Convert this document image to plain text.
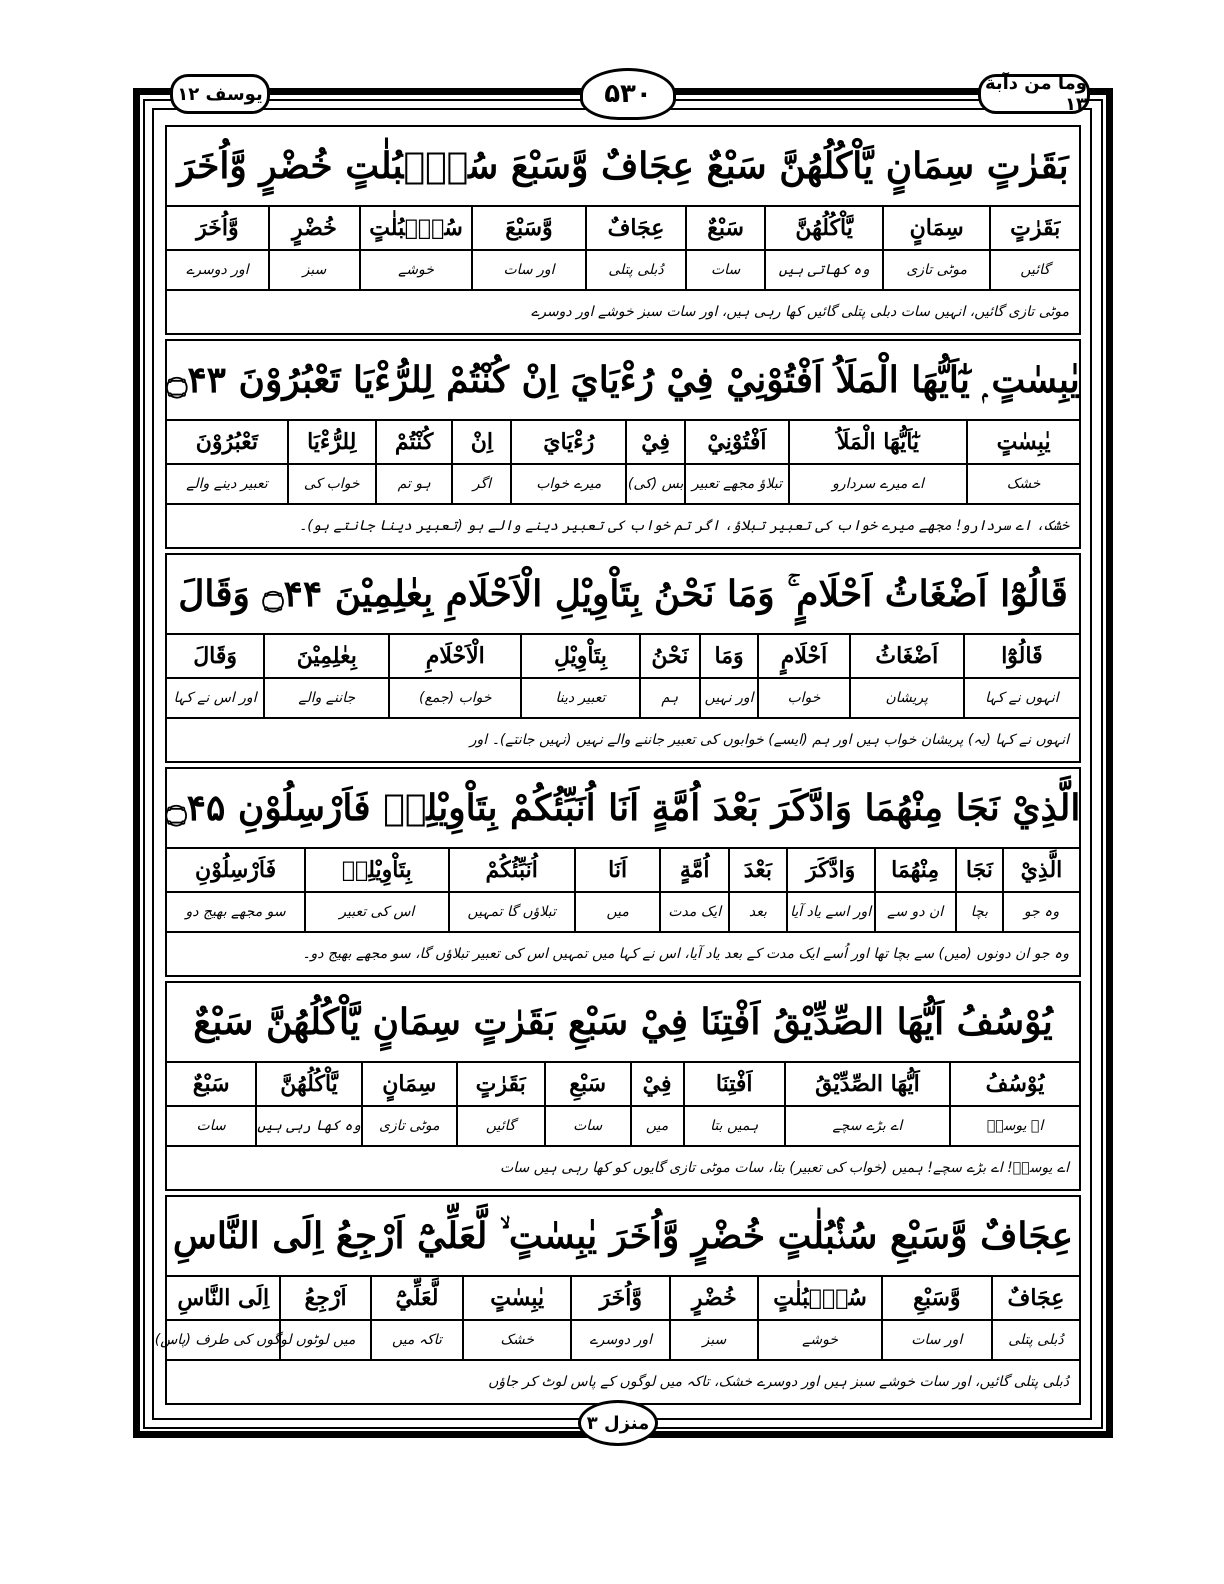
یوسف ۱۲	۵۳۰	وما من دآبة ۱۳
بَقَرٰتٍ سِمَانٍ يَّاْكُلُهُنَّ سَبْعٌ عِجَافٌ وَّسَبْعَ سُنْۢبُلٰتٍ خُضْرٍ وَّاُخَرَ
بَقَرٰتٍ
سِمَانٍ
يَّاْكُلُهُنَّ
سَبْعٌ
عِجَافٌ
وَّسَبْعَ
سُنْۢبُلٰتٍ
خُضْرٍ
وَّاُخَرَ
گائیں
موٹی تازی
وہ کھاتی ہیں
سات
دُبلی پتلی
اور سات
خوشے
سبز
اور دوسرے
موٹی تازی گائیں، انہیں سات دبلی پتلی گائیں کھا رہی ہیں، اور سات سبز خوشے اور دوسرے
يٰبِسٰتٍ ۭ يٰٓاَيُّهَا الْمَلَاُ اَفْتُوْنِيْ فِيْ رُءْيَايَ اِنْ كُنْتُمْ لِلرُّءْيَا تَعْبُرُوْنَ ۝۴۳
يٰبِسٰتٍ
يٰٓاَيُّهَا الْمَلَاُ
اَفْتُوْنِيْ
فِيْ
رُءْيَايَ
اِنْ
كُنْتُمْ
لِلرُّءْيَا
تَعْبُرُوْنَ
خشک
اے میرے سردارو
تبلاؤ مجھے تعبیر
بس (کی)
میرے خواب
اگر
ہو تم
خواب کی
تعبیر دینے والے
خشک، اے سردارو! مجھے میرے خواب کی تعبیر تبلاؤ، اگر تم خواب کی تعبیر دینے والے ہو (تعبیر دینا جانتے ہو)۔
قَالُوْٓا اَضْغَاثُ اَحْلَامٍ ۚ وَمَا نَحْنُ بِتَاْوِيْلِ الْاَحْلَامِ بِعٰلِمِيْنَ ۝۴۴ وَقَالَ
قَالُوْٓا
اَضْغَاثُ
اَحْلَامٍ
وَمَا
نَحْنُ
بِتَاْوِيْلِ
الْاَحْلَامِ
بِعٰلِمِيْنَ
وَقَالَ
انہوں نے کہا
پریشان
خواب
اور نہیں
ہم
تعبیر دینا
خواب (جمع)
جاننے والے
اور اس نے کہا
انہوں نے کہا (یہ) پریشان خواب ہیں اور ہم (ایسے) خوابوں کی تعبیر جاننے والے نہیں (نہیں جانتے)۔ اور
الَّذِيْ نَجَا مِنْهُمَا وَادَّكَرَ بَعْدَ اُمَّةٍ اَنَا اُنَبِّئُكُمْ بِتَاْوِيْلِهٖ فَاَرْسِلُوْنِ ۝۴۵
الَّذِيْ
نَجَا
مِنْهُمَا
وَادَّكَرَ
بَعْدَ
اُمَّةٍ
اَنَا
اُنَبِّئُكُمْ
بِتَاْوِيْلِهٖ
فَاَرْسِلُوْنِ
وہ جو
بچا
ان دو سے
اور اسے یاد آیا
بعد
ایک مدت
میں
تبلاؤں گا تمہیں
اس کی تعبیر
سو مجھے بھیج دو
وہ جو ان دونوں (میں) سے بچا تھا اور اُسے ایک مدت کے بعد یاد آیا، اس نے کہا میں تمہیں اس کی تعبیر تبلاؤں گا، سو مجھے بھیج دو۔
يُوْسُفُ اَيُّهَا الصِّدِّيْقُ اَفْتِنَا فِيْ سَبْعِ بَقَرٰتٍ سِمَانٍ يَّاْكُلُهُنَّ سَبْعٌ
يُوْسُفُ
اَيُّهَا الصِّدِّيْقُ
اَفْتِنَا
فِيْ
سَبْعِ
بَقَرٰتٍ
سِمَانٍ
يَّاْكُلُهُنَّ
سَبْعٌ
اے یوسفؑ
اے بڑے سچے
ہمیں بتا
میں
سات
گائیں
موٹی تازی
وہ کھا رہی ہیں
سات
اے یوسفؑ! اے بڑے سچے! ہمیں (خواب کی تعبیر) بتا، سات موٹی تازی گایوں کو کھا رہی ہیں سات
عِجَافٌ وَّسَبْعِ سُنْۢبُلٰتٍ خُضْرٍ وَّاُخَرَ يٰبِسٰتٍ ۙ لَّعَلِّيْٓ اَرْجِعُ اِلَى النَّاسِ
عِجَافٌ
وَّسَبْعِ
سُنْۢبُلٰتٍ
خُضْرٍ
وَّاُخَرَ
يٰبِسٰتٍ
لَّعَلِّيْٓ
اَرْجِعُ
اِلَى النَّاسِ
دُبلی پتلی
اور سات
خوشے
سبز
اور دوسرے
خشک
تاکہ میں
میں لوٹوں
لوگوں کی طرف (پاس)
دُبلی پتلی گائیں، اور سات خوشے سبز ہیں اور دوسرے خشک، تاکہ میں لوگوں کے پاس لوٹ کر جاؤں
منزل ۳
